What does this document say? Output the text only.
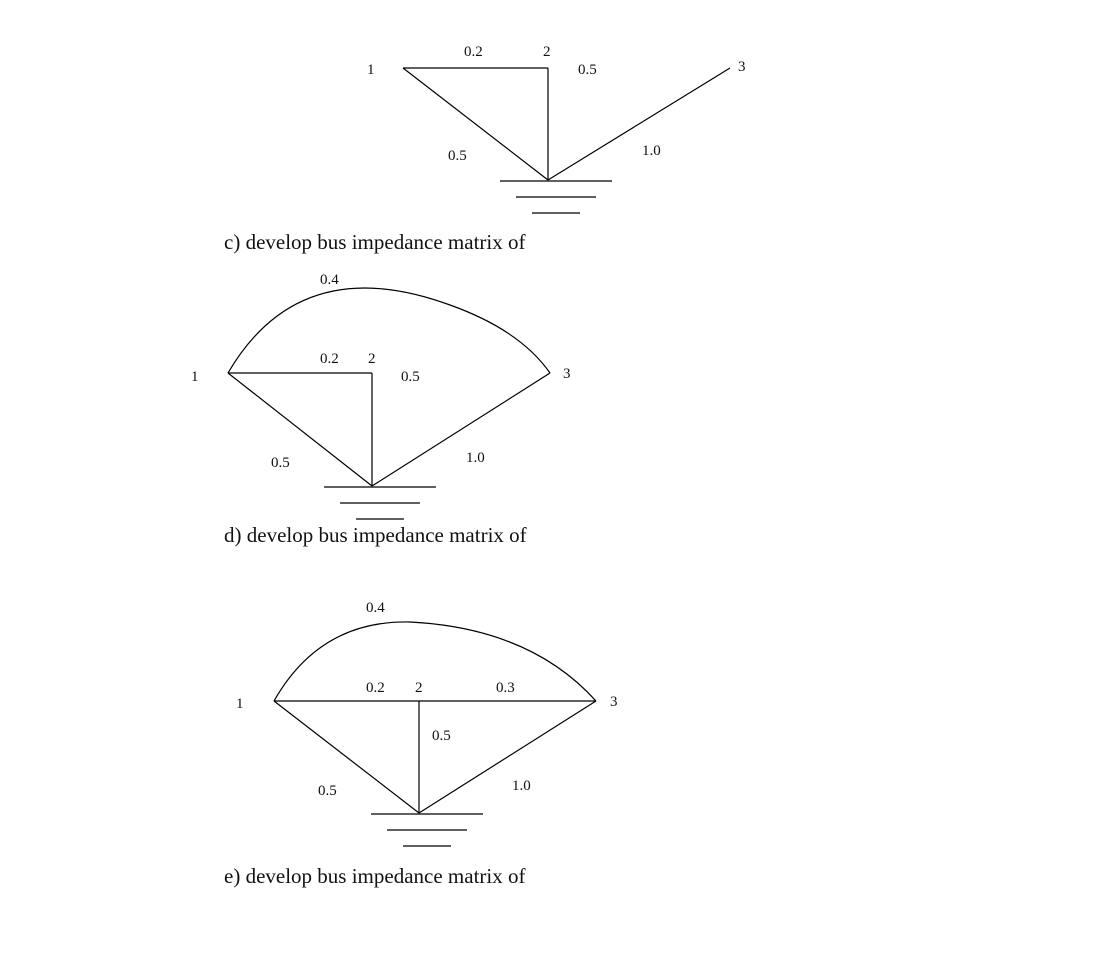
1
2
3
0.2
0.5
0.5	1.0
c) develop bus impedance matrix of
1
2
3
0.4
0.2
0.5
0.5	1.0
d) develop bus impedance matrix of
1
2
3
0.4
0.2	0.3
0.5
0.5	1.0
e) develop bus impedance matrix of
